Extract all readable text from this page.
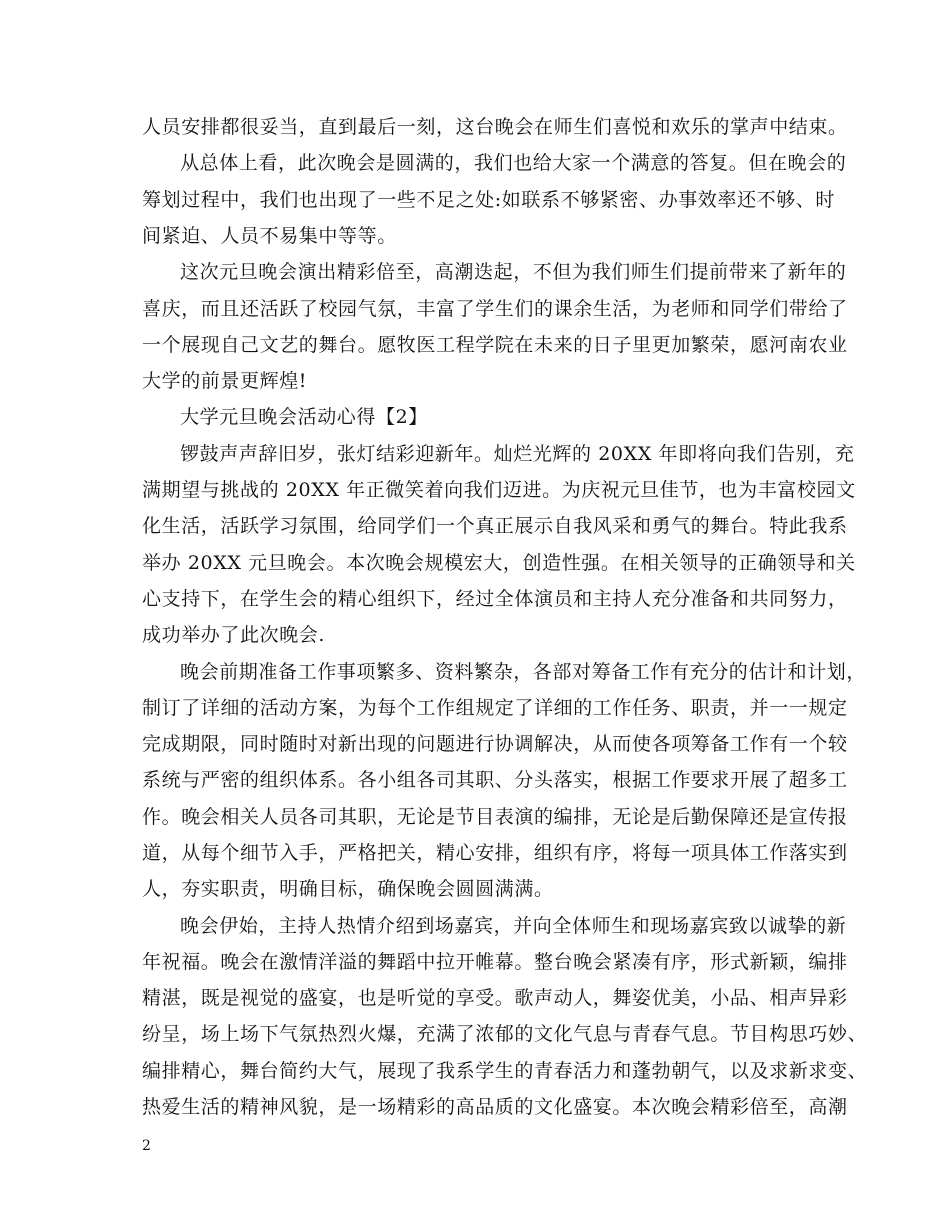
人员安排都很妥当，直到最后一刻，这台晚会在师生们喜悦和欢乐的掌声中结束。
从总体上看，此次晚会是圆满的，我们也给大家一个满意的答复。但在晚会的
筹划过程中，我们也出现了一些不足之处:如联系不够紧密、办事效率还不够、时
间紧迫、人员不易集中等等。
这次元旦晚会演出精彩倍至，高潮迭起，不但为我们师生们提前带来了新年的
喜庆，而且还活跃了校园气氛，丰富了学生们的课余生活，为老师和同学们带给了
一个展现自己文艺的舞台。愿牧医工程学院在未来的日子里更加繁荣，愿河南农业
大学的前景更辉煌!
大学元旦晚会活动心得【2】
锣鼓声声辞旧岁，张灯结彩迎新年。灿烂光辉的 20XX 年即将向我们告别，充
满期望与挑战的 20XX 年正微笑着向我们迈进。为庆祝元旦佳节，也为丰富校园文
化生活，活跃学习氛围，给同学们一个真正展示自我风采和勇气的舞台。特此我系
举办 20XX 元旦晚会。本次晚会规模宏大，创造性强。在相关领导的正确领导和关
心支持下，在学生会的精心组织下，经过全体演员和主持人充分准备和共同努力，
成功举办了此次晚会.
晚会前期准备工作事项繁多、资料繁杂，各部对筹备工作有充分的估计和计划，
制订了详细的活动方案，为每个工作组规定了详细的工作任务、职责，并一一规定
完成期限，同时随时对新出现的问题进行协调解决，从而使各项筹备工作有一个较
系统与严密的组织体系。各小组各司其职、分头落实，根据工作要求开展了超多工
作。晚会相关人员各司其职，无论是节目表演的编排，无论是后勤保障还是宣传报
道，从每个细节入手，严格把关，精心安排，组织有序，将每一项具体工作落实到
人，夯实职责，明确目标，确保晚会圆圆满满。
晚会伊始，主持人热情介绍到场嘉宾，并向全体师生和现场嘉宾致以诚挚的新
年祝福。晚会在激情洋溢的舞蹈中拉开帷幕。整台晚会紧凑有序，形式新颖，编排
精湛，既是视觉的盛宴，也是听觉的享受。歌声动人，舞姿优美，小品、相声异彩
纷呈，场上场下气氛热烈火爆，充满了浓郁的文化气息与青春气息。节目构思巧妙、
编排精心，舞台简约大气，展现了我系学生的青春活力和蓬勃朝气，以及求新求变、
热爱生活的精神风貌，是一场精彩的高品质的文化盛宴。本次晚会精彩倍至，高潮
2
